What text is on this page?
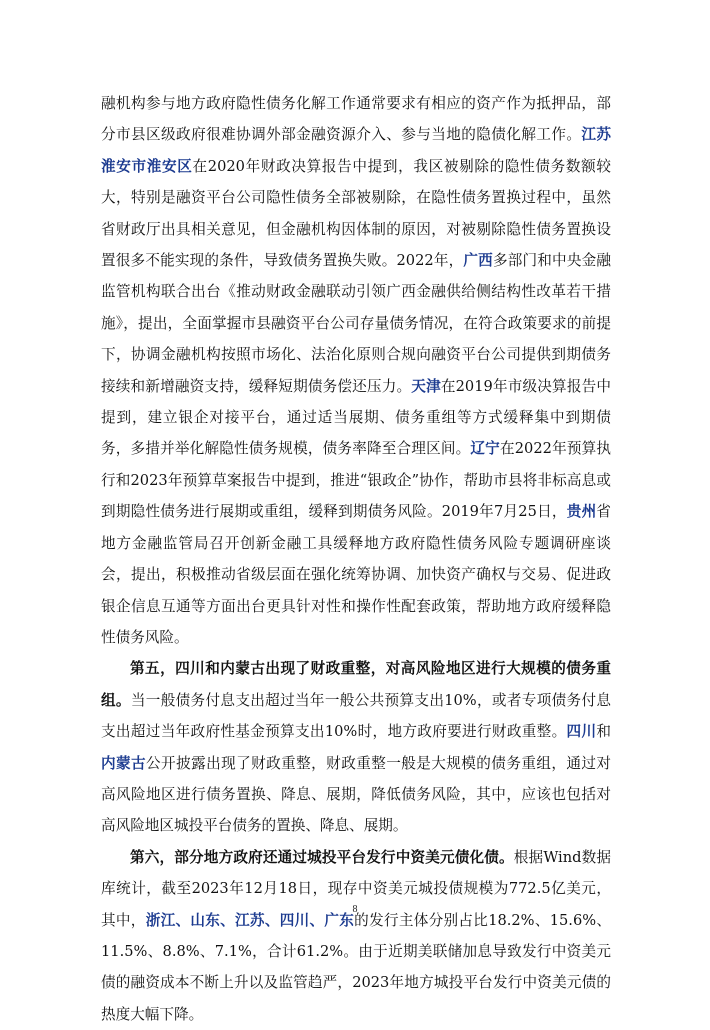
融机构参与地方政府隐性债务化解工作通常要求有相应的资产作为抵押品，部分市县区级政府很难协调外部金融资源介入、参与当地的隐债化解工作。江苏淮安市淮安区在2020年财政决算报告中提到，我区被剔除的隐性债务数额较大，特别是融资平台公司隐性债务全部被剔除，在隐性债务置换过程中，虽然省财政厅出具相关意见，但金融机构因体制的原因，对被剔除隐性债务置换设置很多不能实现的条件，导致债务置换失败。2022年，广西多部门和中央金融监管机构联合出台《推动财政金融联动引领广西金融供给侧结构性改革若干措施》，提出，全面掌握市县融资平台公司存量债务情况，在符合政策要求的前提下，协调金融机构按照市场化、法治化原则合规向融资平台公司提供到期债务接续和新增融资支持，缓释短期债务偿还压力。天津在2019年市级决算报告中提到，建立银企对接平台，通过适当展期、债务重组等方式缓释集中到期债务，多措并举化解隐性债务规模，债务率降至合理区间。辽宁在2022年预算执行和2023年预算草案报告中提到，推进“银政企”协作，帮助市县将非标高息或到期隐性债务进行展期或重组，缓释到期债务风险。2019年7月25日，贵州省地方金融监管局召开创新金融工具缓释地方政府隐性债务风险专题调研座谈会，提出，积极推动省级层面在强化统筹协调、加快资产确权与交易、促进政银企信息互通等方面出台更具针对性和操作性配套政策，帮助地方政府缓释隐性债务风险。

第五，四川和内蒙古出现了财政重整，对高风险地区进行大规模的债务重组。当一般债务付息支出超过当年一般公共预算支出10%，或者专项债务付息支出超过当年政府性基金预算支出10%时，地方政府要进行财政重整。四川和内蒙古公开披露出现了财政重整，财政重整一般是大规模的债务重组，通过对高风险地区进行债务置换、降息、展期，降低债务风险，其中，应该也包括对高风险地区城投平台债务的置换、降息、展期。

第六，部分地方政府还通过城投平台发行中资美元债化债。根据Wind数据库统计，截至2023年12月18日，现存中资美元城投债规模为772.5亿美元，其中，浙江、山东、江苏、四川、广东的发行主体分别占比18.2%、15.6%、11.5%、8.8%、7.1%，合计61.2%。由于近期美联储加息导致发行中资美元债的融资成本不断上升以及监管趋严，2023年地方城投平台发行中资美元债的热度大幅下降。

8
